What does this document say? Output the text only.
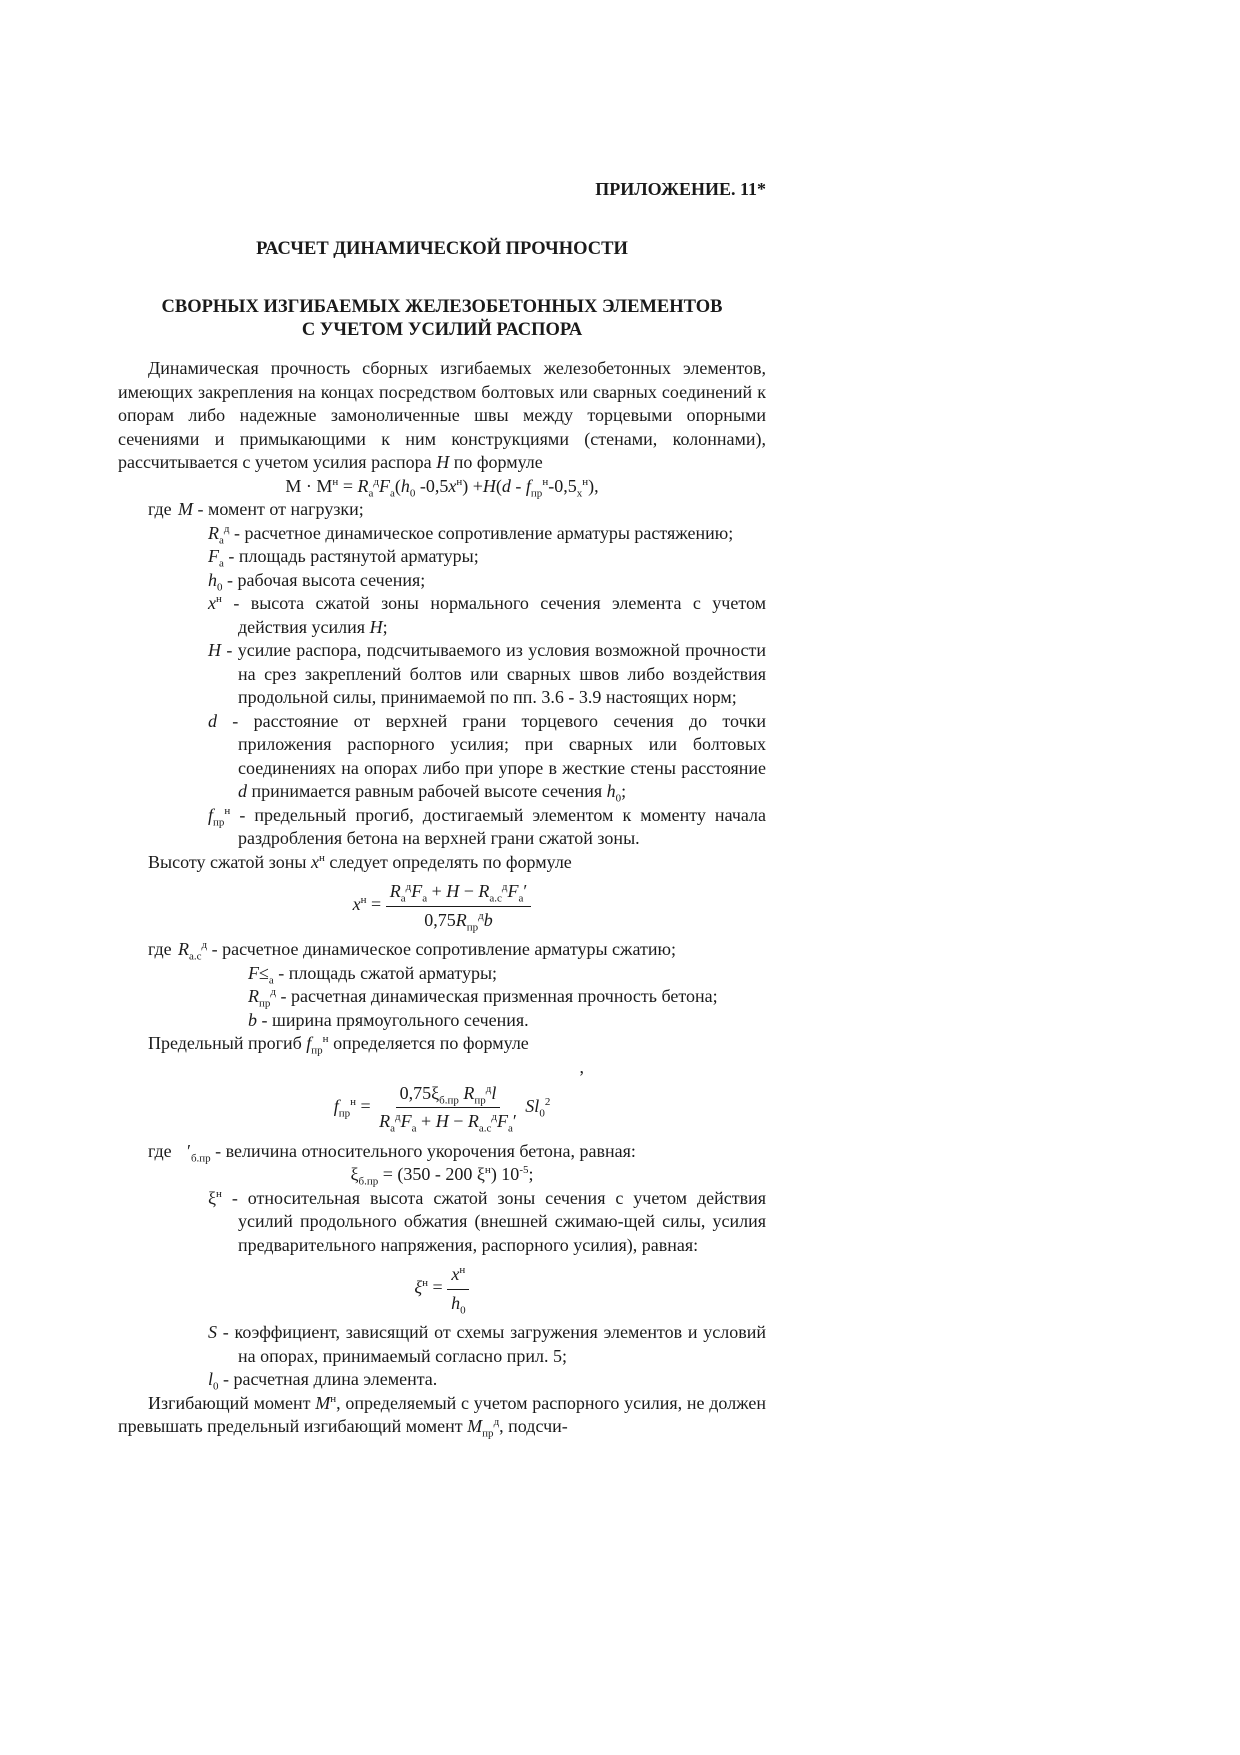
ПРИЛОЖЕНИЕ. 11*
РАСЧЕТ ДИНАМИЧЕСКОЙ ПРОЧНОСТИ
СВОРНЫХ ИЗГИБАЕМЫХ ЖЕЛЕЗОБЕТОННЫХ ЭЛЕМЕНТОВ
С УЧЕТОМ УСИЛИЙ РАСПОРА

Динамическая прочность сборных изгибаемых железобетонных элементов, имеющих закрепления на концах посредством болтовых или сварных соединений к опорам либо надежные замоноличенные швы между торцевыми опорными сечениями и примыкающими к ним конструкциями (стенами, колоннами), рассчитывается с учетом усилия распора H по формуле

$M \cdot M^н = R_а^дF_а(h_0$ $-0,5x^н) +H(d - f_{пр}^н-0,5_x^н)$,

где M - момент от нагрузки;

$R_а^д$ - расчетное динамическое сопротивление арматуры растяжению;

$F_а$ - площадь растянутой арматуры;

$h_0$ - рабочая высота сечения;

$x^н$ - высота сжатой зоны нормального сечения элемента с учетом действия усилия H;

H - усилие распора, подсчитываемого из условия возможной прочности на срез закреплений болтов или сварных швов либо воздействия продольной силы, принимаемой по пп. 3.6 - 3.9 настоящих норм;

d - расстояние от верхней грани торцевого сечения до точки приложения распорного усилия; при сварных или болтовых соединениях на опорах либо при упоре в жесткие стены расстояние d принимается равным рабочей высоте сечения $h_0$;

$f_{пр}^н$ - предельный прогиб, достигаемый элементом к моменту начала раздробления бетона на верхней грани сжатой зоны.

Высоту сжатой зоны $x^н$ следует определять по формуле

$x^н = \frac{R_а^дF_а + H - R_{а.с}^дF_а'}{0,75R_{пр}^дb}$
где $R_{а.с}^д$ - расчетное динамическое сопротивление арматуры сжатию;

$F\le_а$ - площадь сжатой арматуры;

$R_{пр}^д$ - расчетная динамическая призменная прочность бетона;

b - ширина прямоугольного сечения.

Предельный прогиб $f_{пр}^н$ определяется по формуле

,
$f_{пр}^н = \frac{0,75\xi_{б.пр} R_{пр}^дl}{R_а^дF_а + H - R_{а.с}^дF_а'} Sl_0^2$
где $'_{б.пр}$ - величина относительного укорочения бетона, равная:

$\xi_{б.пр} = (350 - 200$ $\xi^н$) $10^{-5}$;

$\xi^н$ - относительная высота сжатой зоны сечения с учетом действия усилий продольного обжатия (внешней сжимаю-щей силы, усилия предварительного напряжения, распорного усилия), равная:

$\xi^н = \frac{x^н}{h_0}$

S - коэффициент, зависящий от схемы загружения элементов и условий на опорах, принимаемый согласно прил. 5;

$l_0$ - расчетная длина элемента.

Изгибающий момент $M^н$, определяемый с учетом распорного усилия, не должен превышать предельный изгибающий момент $M_{пр}^д$, подсчи-
